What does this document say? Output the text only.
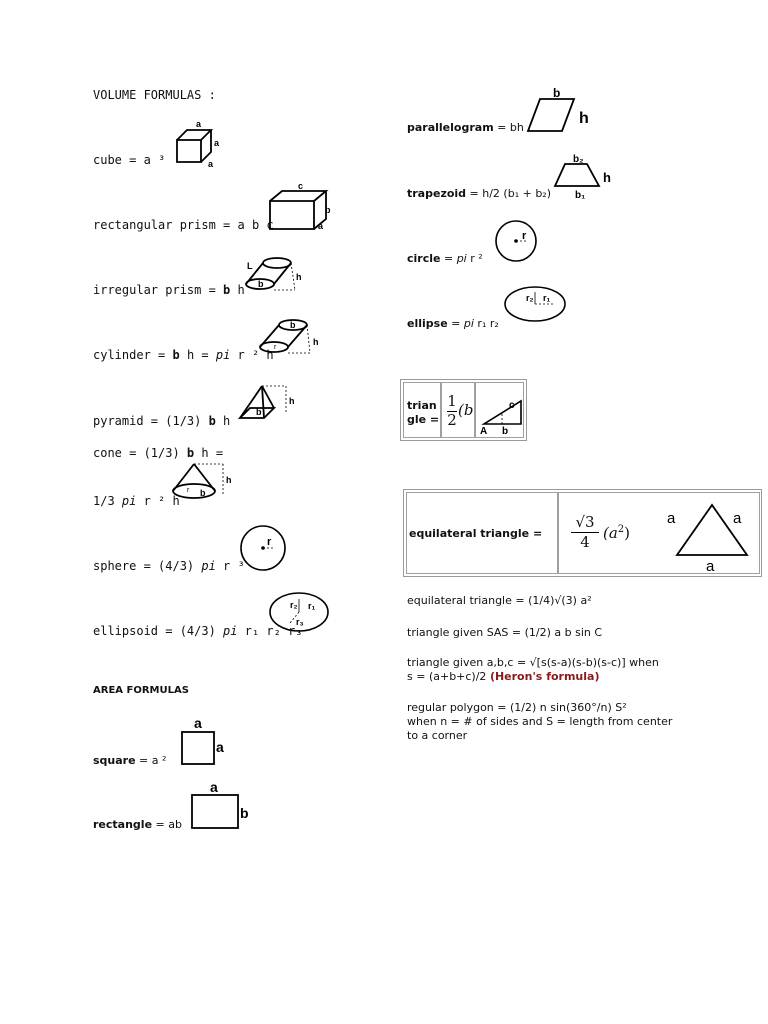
VOLUME FORMULAS :
cube = a ³
a
a
a
rectangular prism = a b c
c
b
a
irregular prism = b h
L
h
b
cylinder = b h = pi r ² h
b
h
r
pyramid = (1/3) b h
h
b
cone = (1/3) b h =
1/3 pi r ² h
h
r b
sphere = (4/3) pi r ³
r
ellipsoid = (4/3) pi r₁ r₂ r₃
r₂ r₁
r₃
AREA FORMULAS
square = a ²
a
a
rectangle = ab
a
b
parallelogram = bh
b
h
trapezoid = h/2 (b₁ + b₂)
b₂
h
b₁
circle = pi r ²
r
ellipse = pi r₁ r₂
r₂ r₁
trian
gle = $\frac{1}{2} (b$	c
A b
equilateral triangle =
√3
4 $(a^2)$
a	a
a
equilateral triangle = (1/4)√(3) a²
triangle given SAS = (1/2) a b sin C
triangle given a,b,c = √[s(s-a)(s-b)(s-c)] when
s = (a+b+c)/2 (Heron's formula)
regular polygon = (1/2) n sin(360°/n) S²
when n = # of sides and S = length from center
to a corner
